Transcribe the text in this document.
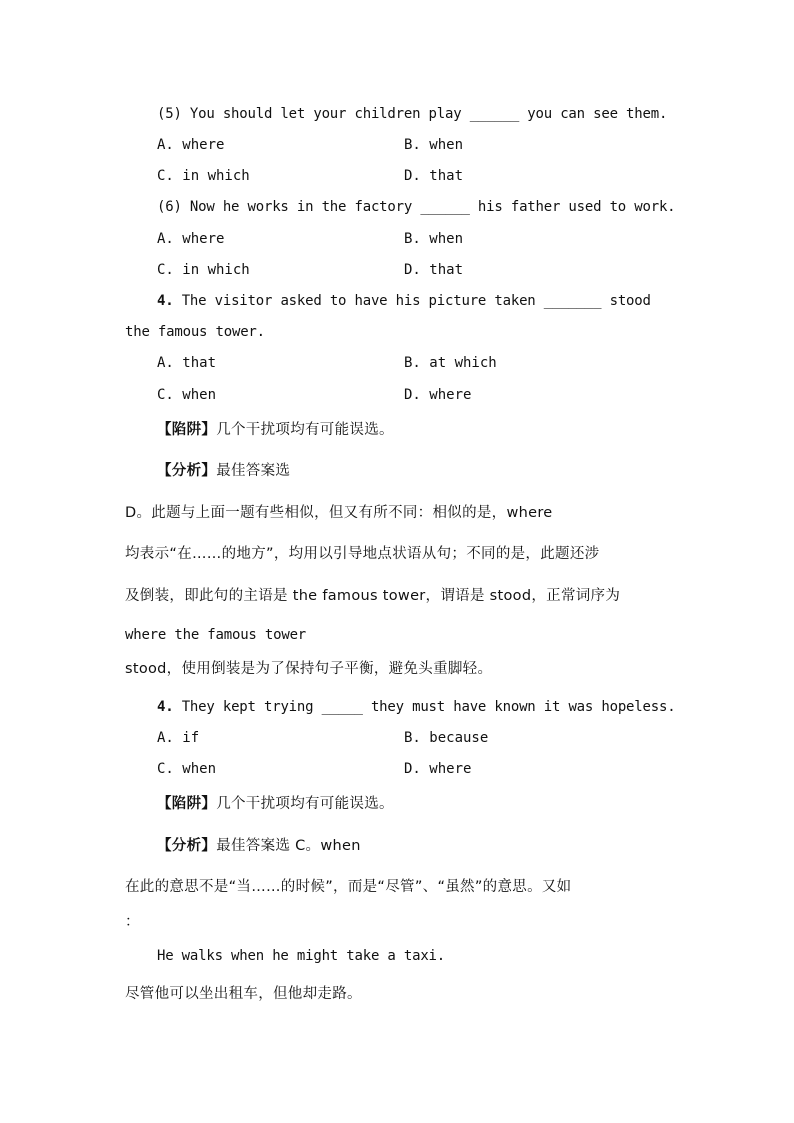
(5) You should let your children play ______ you can see them.
A. where	B. when
C. in which	D. that
(6) Now he works in the factory ______ his father used to work.
A. where	B. when
C. in which	D. that
4. The visitor asked to have his picture taken _______ stood
the famous tower.
A. that	B. at which
C. when	D. where
【陷阱】几个干扰项均有可能误选。
【分析】最佳答案选
D。此题与上面一题有些相似，但又有所不同：相似的是，where
均表示“在……的地方”，均用以引导地点状语从句；不同的是，此题还涉
及倒装，即此句的主语是 the famous tower，谓语是 stood，正常词序为
where the famous tower
stood，使用倒装是为了保持句子平衡，避免头重脚轻。
4. They kept trying _____ they must have known it was hopeless.
A. if	B. because
C. when	D. where
【陷阱】几个干扰项均有可能误选。
【分析】最佳答案选 C。when
在此的意思不是“当……的时候”，而是“尽管”、“虽然”的意思。又如
：
He walks when he might take a taxi.
尽管他可以坐出租车，但他却走路。
